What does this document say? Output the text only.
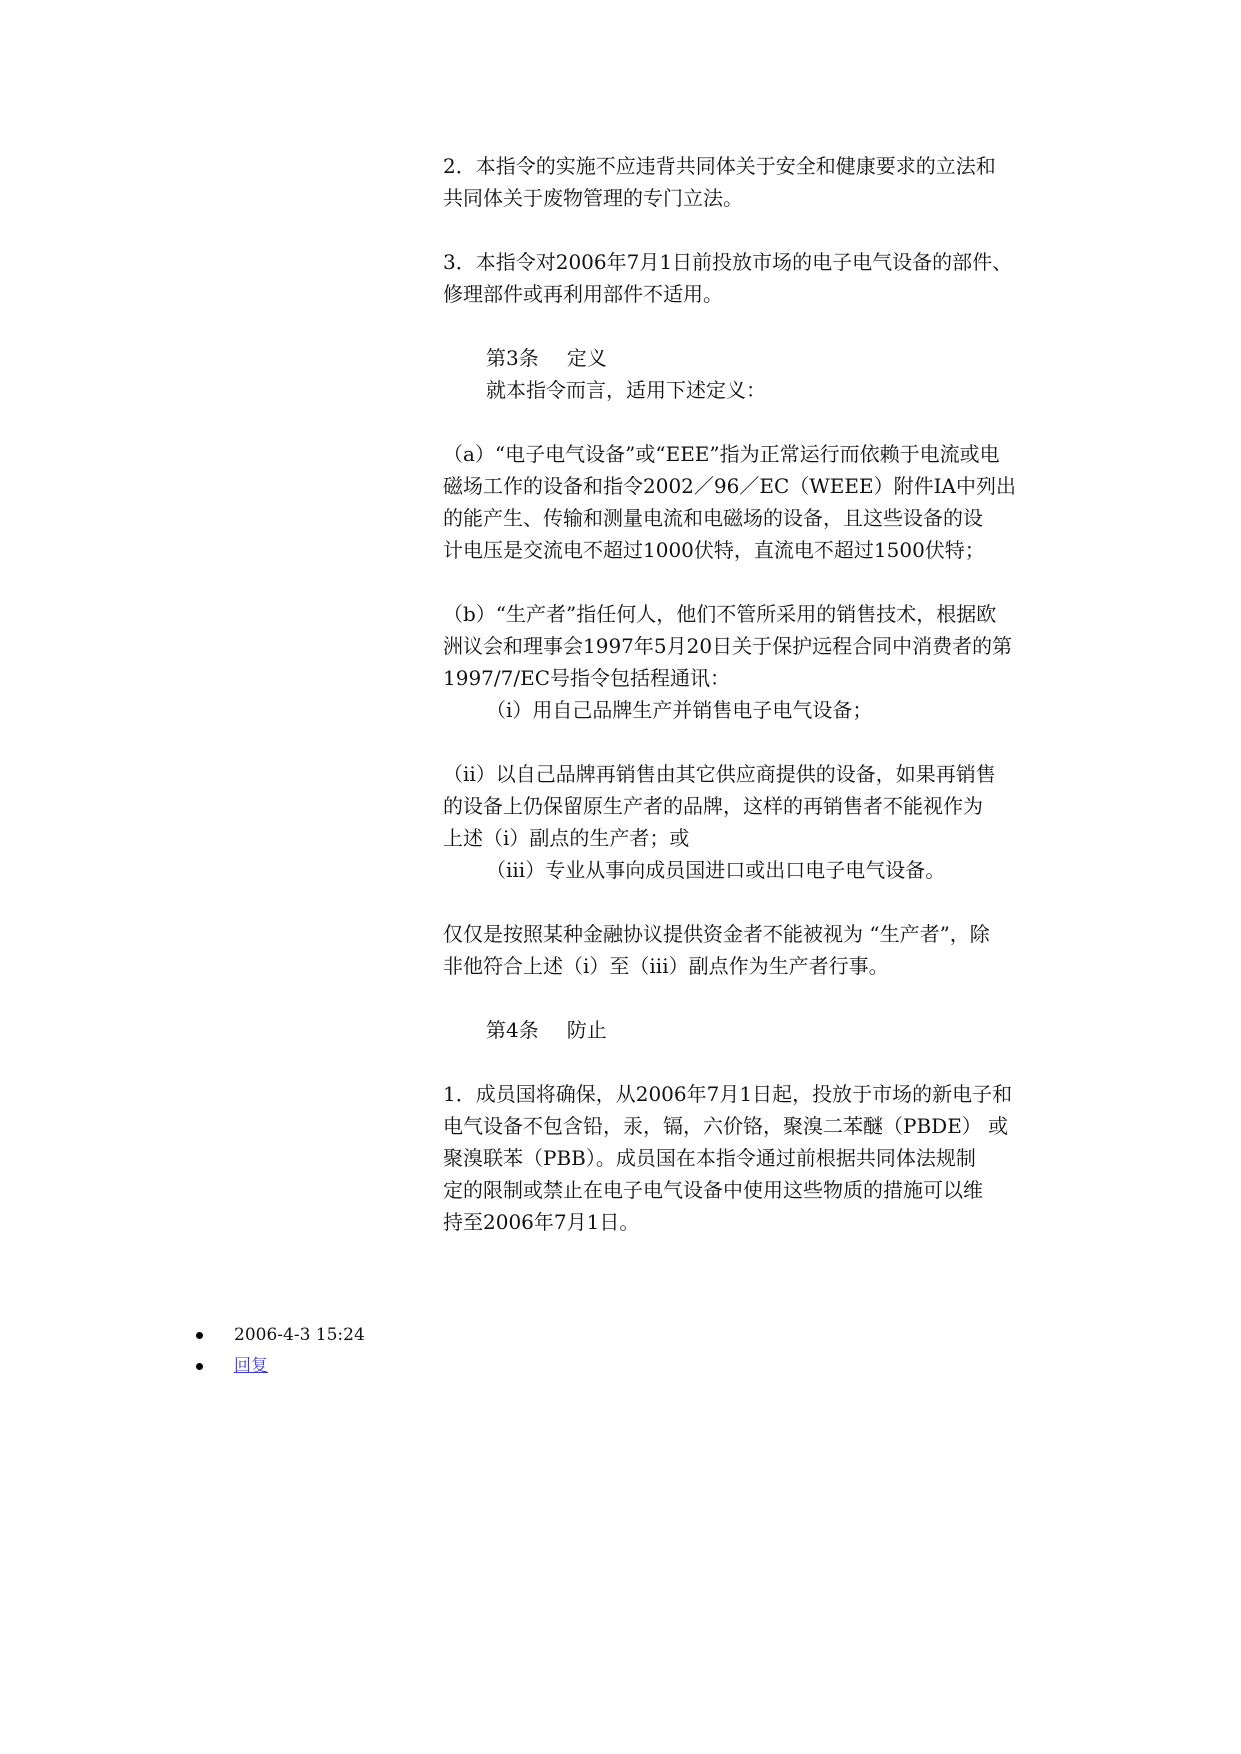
2．本指令的实施不应违背共同体关于安全和健康要求的立法和

共同体关于废物管理的专门立法。

3．本指令对2006年7月1日前投放市场的电子电气设备的部件、

修理部件或再利用部件不适用。

第3条 定义

就本指令而言，适用下述定义：

（a）“电子电气设备”或“EEE”指为正常运行而依赖于电流或电

磁场工作的设备和指令2002／96／EC（WEEE）附件ⅠA中列出

的能产生、传输和测量电流和电磁场的设备，且这些设备的设

计电压是交流电不超过1000伏特，直流电不超过1500伏特；

（b）“生产者”指任何人，他们不管所采用的销售技术，根据欧

洲议会和理事会1997年5月20日关于保护远程合同中消费者的第

1997/7/EC号指令包括程通讯：

（i）用自己品牌生产并销售电子电气设备；

（ii）以自己品牌再销售由其它供应商提供的设备，如果再销售

的设备上仍保留原生产者的品牌，这样的再销售者不能视作为

上述（i）副点的生产者；或

（iii）专业从事向成员国进口或出口电子电气设备。

仅仅是按照某种金融协议提供资金者不能被视为 “生产者”，除

非他符合上述（i）至（iii）副点作为生产者行事。

第4条 防止

1．成员国将确保，从2006年7月1日起，投放于市场的新电子和

电气设备不包含铅，汞，镉，六价铬，聚溴二苯醚（PBDE） 或

聚溴联苯（PBB）。成员国在本指令通过前根据共同体法规制

定的限制或禁止在电子电气设备中使用这些物质的措施可以维

持至2006年7月1日。

2006-4-3 15:24
回复
